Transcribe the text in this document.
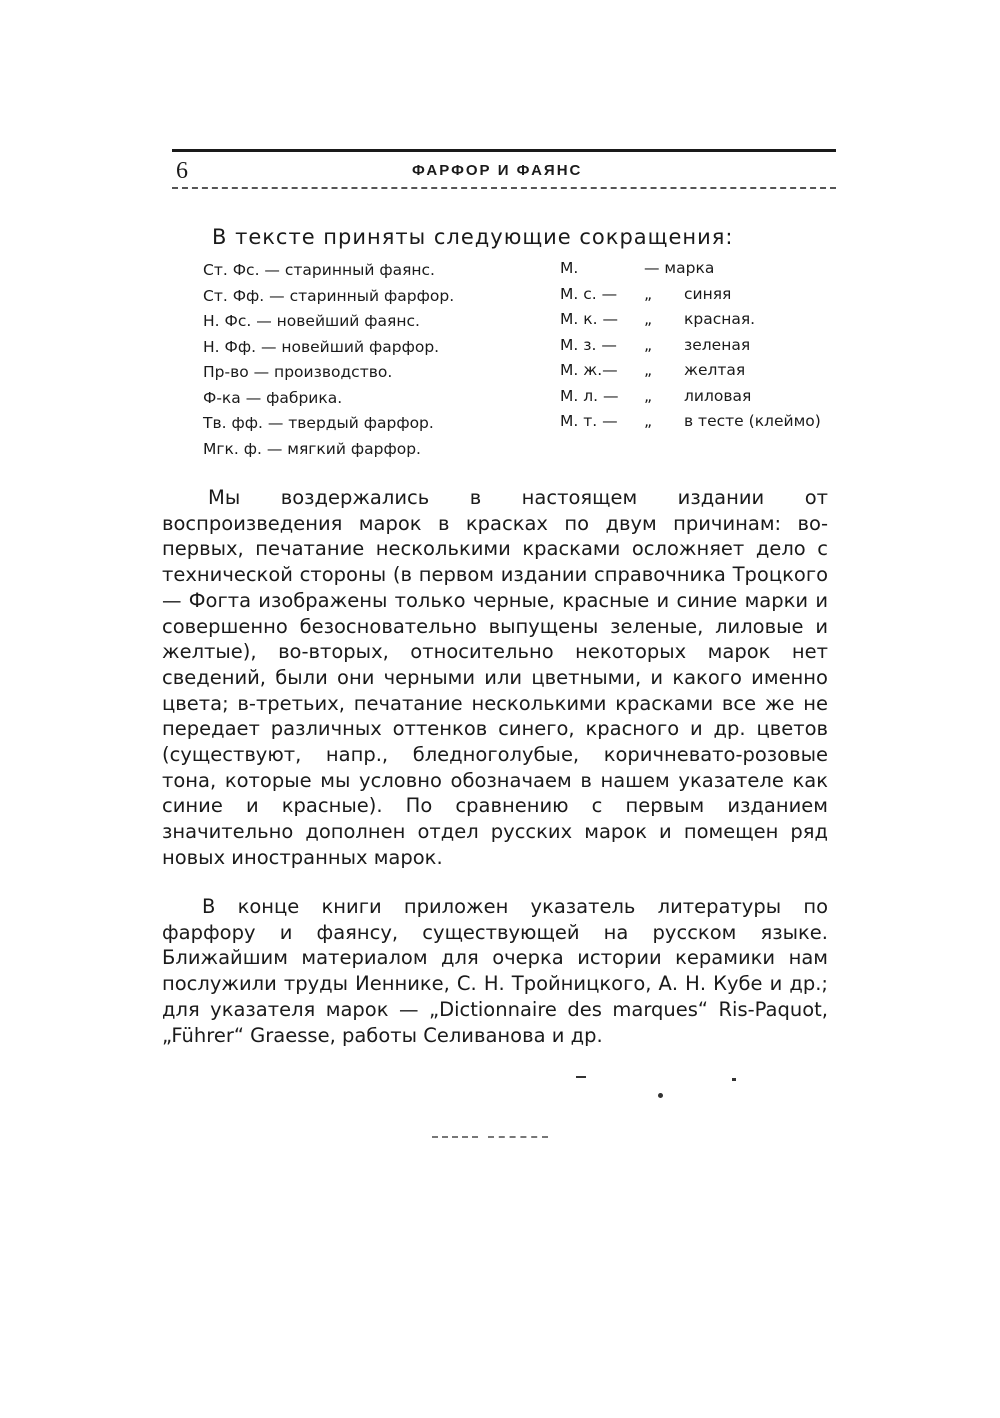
6	ФАРФОР И ФАЯНС
В тексте приняты следующие сокращения:
Ст. Фс. — старинный фаянс.
Ст. Фф. — старинный фарфор.
Н. Фс. — новейший фаянс.
Н. Фф. — новейший фарфор.
Пр-во — производство.
Ф-ка — фабрика.
Тв. фф. — твердый фарфор.
Мгк. ф. — мягкий фарфор.
М.	— марка
М. с. — „ синяя
М. к. — „ красная.
М. з. — „ зеленая
М. ж.— „ желтая
М. л. — „ лиловая
М. т. — „ в тесте (клеймо)

Мы воздержались в настоящем издании от воспроизведения марок в красках по двум причинам: во-первых, печатание несколькими красками осложняет дело с технической стороны (в первом издании справочника Троцкого — Фогта изображены только черные, красные и синие марки и совершенно безосновательно выпущены зеленые, лиловые и желтые), во-вторых, относительно некоторых марок нет сведений, были они черными или цветными, и какого именно цвета; в-третьих, печатание несколькими красками все же не передает различных оттенков синего, красного и др. цветов (существуют, напр., бледноголубые, коричневато-розовые тона, которые мы условно обозначаем в нашем указателе как синие и красные). По сравнению с первым изданием значительно дополнен отдел русских марок и помещен ряд новых иностранных марок.

В конце книги приложен указатель литературы по фарфору и фаянсу, существующей на русском языке. Ближайшим материалом для очерка истории керамики нам послужили труды Иеннике, С. Н. Тройницкого, А. Н. Кубе и др.; для указателя марок — „Dictionnaire des marques“ Ris-Paquot, „Führer“ Graesse, работы Селиванова и др.
